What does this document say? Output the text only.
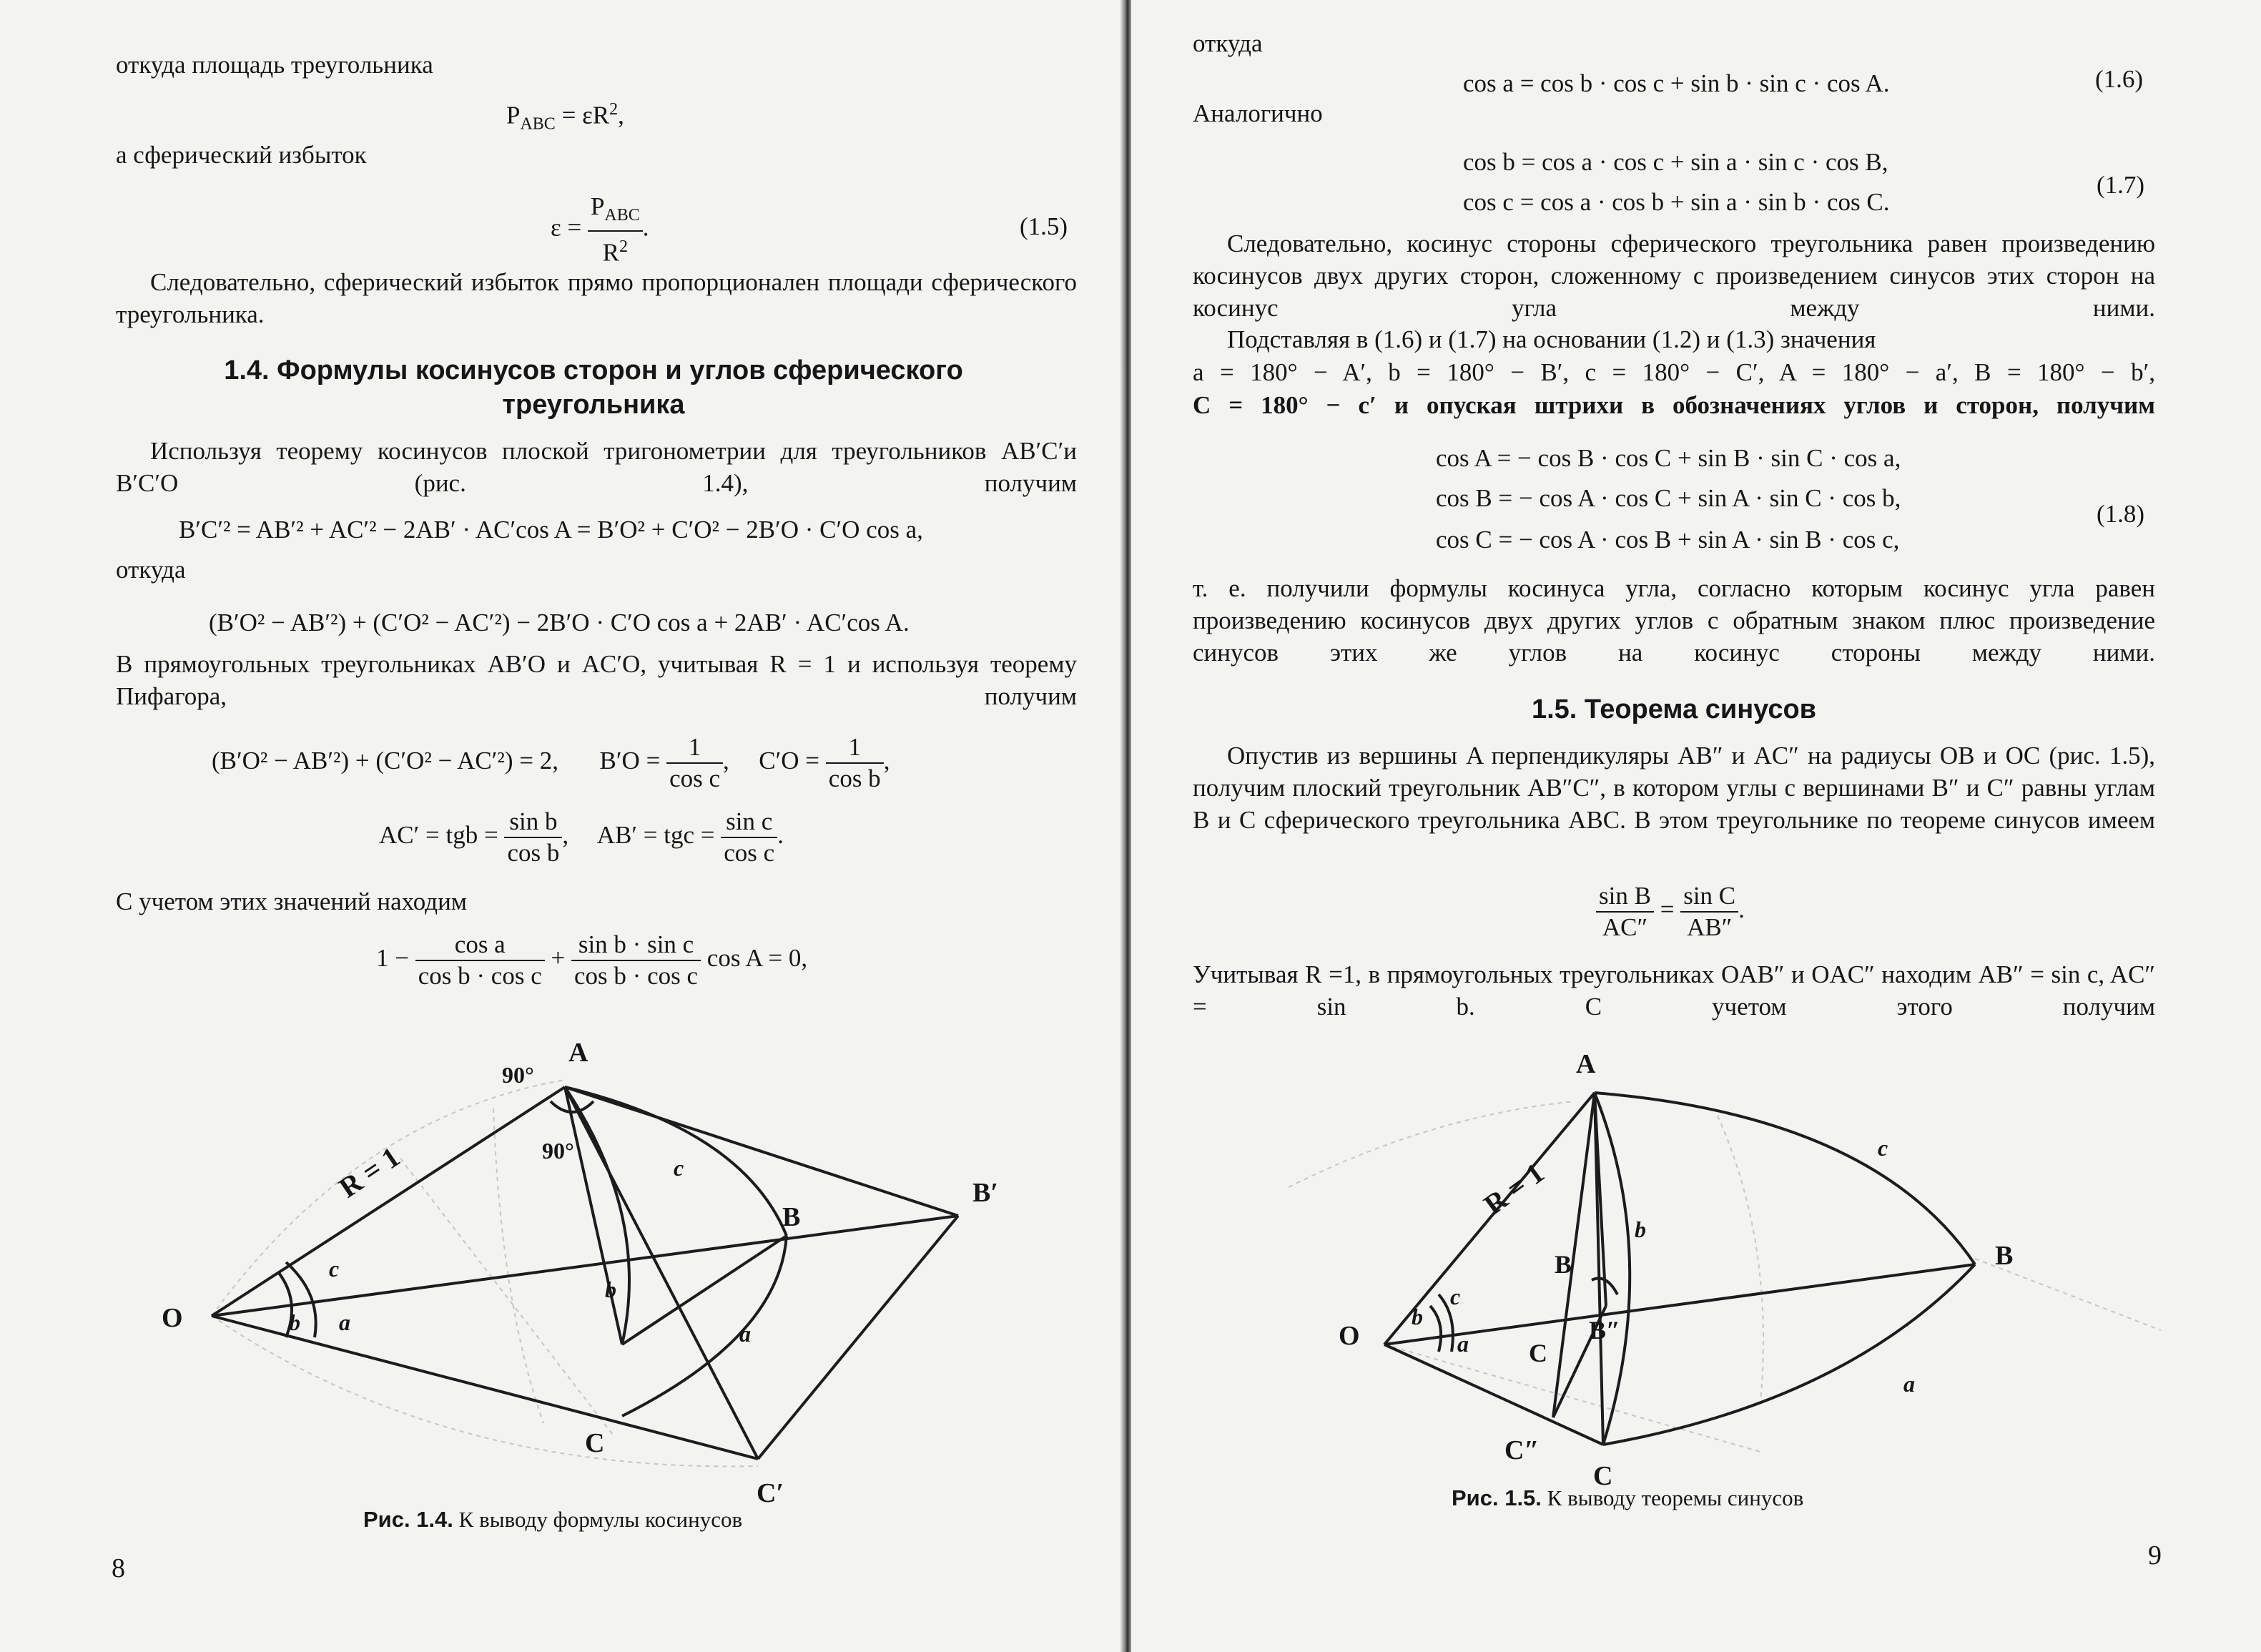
откуда площадь треугольника
$P_{ABC} = \varepsilon R^2$,
а сферический избыток
$\varepsilon = \frac{P_{ABC}}{R^2}$ .	(1.5)
Следовательно, сферический избыток прямо пропорционален площади сферического треугольника.
1.4. Формулы косинусов сторон и углов сферического треугольника
Используя теорему косинусов плоской тригонометрии для треугольников AB′C′и B′C′O (рис. 1.4), получим
B′C′² = AB′² + AC′² − 2AB′ · AC′cos A = B′O² + C′O² − 2B′O · C′O cos a,
откуда
(B′O² − AB′²) + (C′O² − AC′²) − 2B′O · C′O cos a + 2AB′ · AC′cos A.
В прямоугольных треугольниках AB′O и AC′O, учитывая R = 1 и используя теорему Пифагора, получим
(B′O² − AB′²) + (C′O² − AC′²) = 2, $B'O = \frac{1}{\text{cos c}}$ ,  $C'O = \frac{1}{\text{cos b}}$ ,
AC′ = tgb = $\frac{\text{sin b}}{\text{cos b}}$ ,  AB′ = tgc = $\frac{\text{sin c}}{\text{cos c}}$ .
С учетом этих значений находим
$1 - \frac{\text{cos a}}{\text{cos b · cos c}} + \frac{\text{sin b · sin c}}{\text{cos b · cos c}}$ cos A = 0,
O
A
B
B′
C
C′
R = 1
90°
90°
c
b a
c
b
a
Рис. 1.4. К выводу формулы косинусов
8
откуда
cos a = cos b · cos c + sin b · sin c · cos A.	(1.6)
Аналогично
cos b = cos a · cos c + sin a · sin c · cos B,
cos c = cos a · cos b + sin a · sin b · cos C.
(1.7)
Следовательно, косинус стороны сферического треугольника равен произведению косинусов двух других сторон, сложенному с произведением синусов этих сторон на косинус угла между ними.
Подставляя в (1.6) и (1.7) на основании (1.2) и (1.3) значения
a = 180° − A′, b = 180° − B′, c = 180° − C′, A = 180° − a′, B = 180° − b′,
C = 180° − c′ и опуская штрихи в обозначениях углов и сторон, получим
cos A = − cos B · cos C + sin B · sin C · cos a,
cos B = − cos A · cos C + sin A · sin C · cos b,
cos C = − cos A · cos B + sin A · sin B · cos c,
(1.8)
т. е. получили формулы косинуса угла, согласно которым косинус угла равен произведению косинусов двух других углов с обратным знаком плюс произведение синусов этих же углов на косинус стороны между ними.
1.5. Теорема синусов
Опустив из вершины A перпендикуляры AB″ и AC″ на радиусы OB и OC (рис. 1.5), получим плоский треугольник AB″C″, в котором углы с вершинами B″ и C″ равны углам B и C сферического треугольника ABC. В этом треугольнике по теореме синусов имеем
$\frac{\text{sin B}}{AC''} = \frac{\text{sin C}}{AB''}$ .
Учитывая R =1, в прямоугольных треугольниках OAB″ и OAC″ находим AB″ = sin c, AC″ = sin b. С учетом этого получим
O
A
B
B
B″
C
C″
C
R = 1
c
b
a
c
b
a
Рис. 1.5. К выводу теоремы синусов
9
